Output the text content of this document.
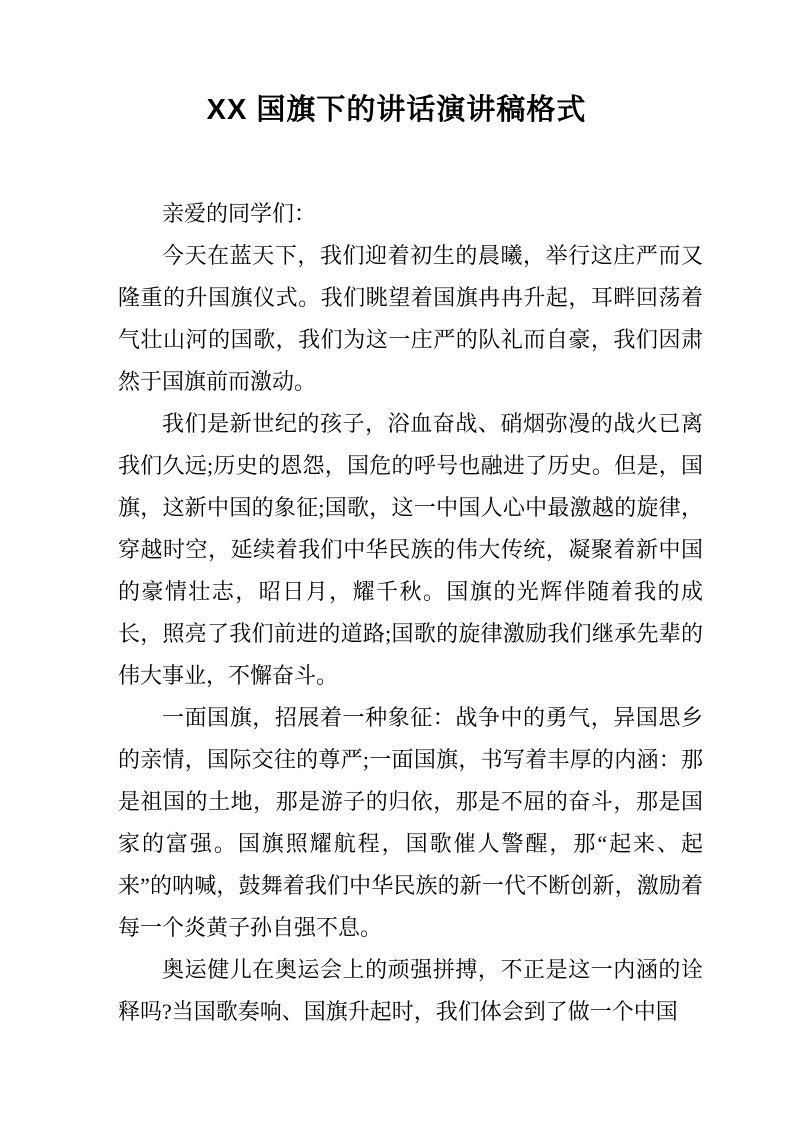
XX 国旗下的讲话演讲稿格式

亲爱的同学们：

今天在蓝天下，我们迎着初生的晨曦，举行这庄严而又隆重的升国旗仪式。我们眺望着国旗冉冉升起，耳畔回荡着气壮山河的国歌，我们为这一庄严的队礼而自豪，我们因肃然于国旗前而激动。

我们是新世纪的孩子，浴血奋战、硝烟弥漫的战火已离我们久远;历史的恩怨，国危的呼号也融进了历史。但是，国旗，这新中国的象征;国歌，这一中国人心中最激越的旋律，穿越时空，延续着我们中华民族的伟大传统，凝聚着新中国的豪情壮志，昭日月，耀千秋。国旗的光辉伴随着我的成长，照亮了我们前进的道路;国歌的旋律激励我们继承先辈的伟大事业，不懈奋斗。

一面国旗，招展着一种象征：战争中的勇气，异国思乡的亲情，国际交往的尊严;一面国旗，书写着丰厚的内涵：那是祖国的土地，那是游子的归依，那是不屈的奋斗，那是国家的富强。国旗照耀航程，国歌催人警醒，那“起来、起来”的呐喊，鼓舞着我们中华民族的新一代不断创新，激励着每一个炎黄子孙自强不息。

奥运健儿在奥运会上的顽强拼搏，不正是这一内涵的诠释吗?当国歌奏响、国旗升起时，我们体会到了做一个中国
